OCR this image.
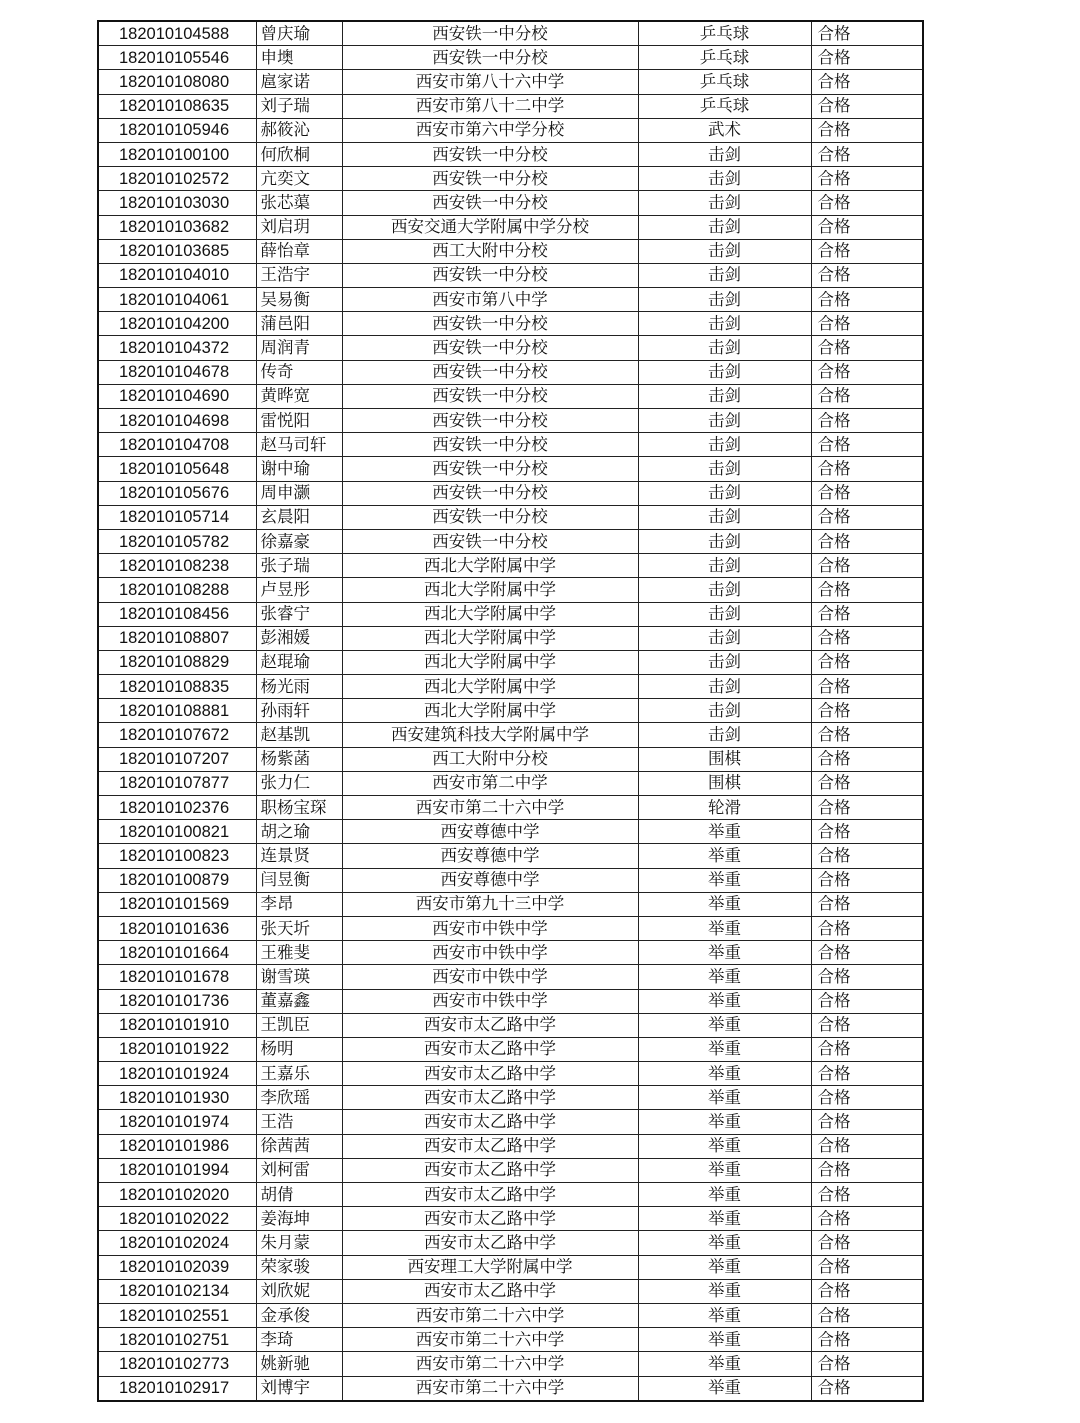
182010104588	曾庆瑜	西安铁一中分校	乒乓球	合格
182010105546	申墺	西安铁一中分校	乒乓球	合格
182010108080	扈家诺	西安市第八十六中学	乒乓球	合格
182010108635	刘子瑞	西安市第八十二中学	乒乓球	合格
182010105946	郝筱沁	西安市第六中学分校	武术	合格
182010100100	何欣桐	西安铁一中分校	击剑	合格
182010102572	亢奕文	西安铁一中分校	击剑	合格
182010103030	张芯蕖	西安铁一中分校	击剑	合格
182010103682	刘启玥	西安交通大学附属中学分校	击剑	合格
182010103685	薛怡章	西工大附中分校	击剑	合格
182010104010	王浩宇	西安铁一中分校	击剑	合格
182010104061	吴易衡	西安市第八中学	击剑	合格
182010104200	蒲邑阳	西安铁一中分校	击剑	合格
182010104372	周润青	西安铁一中分校	击剑	合格
182010104678	传奇	西安铁一中分校	击剑	合格
182010104690	黄晔宽	西安铁一中分校	击剑	合格
182010104698	雷悦阳	西安铁一中分校	击剑	合格
182010104708	赵马司轩	西安铁一中分校	击剑	合格
182010105648	谢中瑜	西安铁一中分校	击剑	合格
182010105676	周申灏	西安铁一中分校	击剑	合格
182010105714	玄晨阳	西安铁一中分校	击剑	合格
182010105782	徐嘉豪	西安铁一中分校	击剑	合格
182010108238	张子瑞	西北大学附属中学	击剑	合格
182010108288	卢昱彤	西北大学附属中学	击剑	合格
182010108456	张睿宁	西北大学附属中学	击剑	合格
182010108807	彭湘媛	西北大学附属中学	击剑	合格
182010108829	赵琨瑜	西北大学附属中学	击剑	合格
182010108835	杨光雨	西北大学附属中学	击剑	合格
182010108881	孙雨轩	西北大学附属中学	击剑	合格
182010107672	赵基凯	西安建筑科技大学附属中学	击剑	合格
182010107207	杨紫菡	西工大附中分校	围棋	合格
182010107877	张力仁	西安市第二中学	围棋	合格
182010102376	职杨宝琛	西安市第二十六中学	轮滑	合格
182010100821	胡之瑜	西安尊德中学	举重	合格
182010100823	连景贤	西安尊德中学	举重	合格
182010100879	闫昱衡	西安尊德中学	举重	合格
182010101569	李昂	西安市第九十三中学	举重	合格
182010101636	张天圻	西安市中铁中学	举重	合格
182010101664	王雅斐	西安市中铁中学	举重	合格
182010101678	谢雪瑛	西安市中铁中学	举重	合格
182010101736	董嘉鑫	西安市中铁中学	举重	合格
182010101910	王凯臣	西安市太乙路中学	举重	合格
182010101922	杨明	西安市太乙路中学	举重	合格
182010101924	王嘉乐	西安市太乙路中学	举重	合格
182010101930	李欣瑶	西安市太乙路中学	举重	合格
182010101974	王浩	西安市太乙路中学	举重	合格
182010101986	徐茜茜	西安市太乙路中学	举重	合格
182010101994	刘柯雷	西安市太乙路中学	举重	合格
182010102020	胡倩	西安市太乙路中学	举重	合格
182010102022	姜海坤	西安市太乙路中学	举重	合格
182010102024	朱月蒙	西安市太乙路中学	举重	合格
182010102039	荣家骏	西安理工大学附属中学	举重	合格
182010102134	刘欣妮	西安市太乙路中学	举重	合格
182010102551	金承俊	西安市第二十六中学	举重	合格
182010102751	李琦	西安市第二十六中学	举重	合格
182010102773	姚新驰	西安市第二十六中学	举重	合格
182010102917	刘博宇	西安市第二十六中学	举重	合格
